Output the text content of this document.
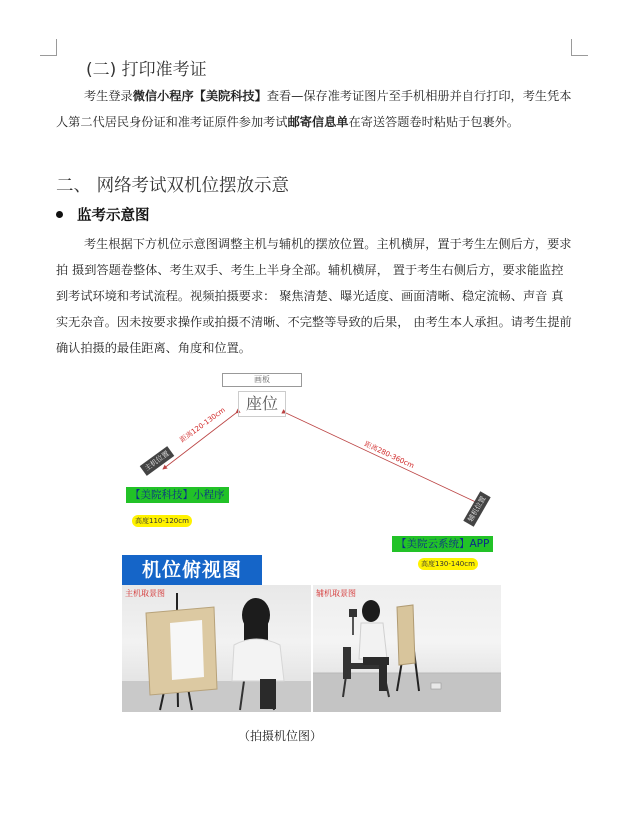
(二) 打印准考证
考生登录微信小程序【美院科技】查看—保存准考证图片至手机相册并自行打印，考生凭本人第二代居民身份证和准考证原件参加考试邮寄信息单在寄送答题卷时粘贴于包裹外。
二、 网络考试双机位摆放示意
监考示意图
考生根据下方机位示意图调整主机与辅机的摆放位置。主机横屏，置于考生左侧后方，要求拍 摄到答题卷整体、考生双手、考生上半身全部。辅机横屏， 置于考生右侧后方，要求能监控到考试环境和考试流程。视频拍摄要求： 聚焦清楚、曝光适度、画面清晰、稳定流畅、声音 真实无杂音。因未按要求操作或拍摄不清晰、不完整等导致的后果， 由考生本人承担。请考生提前确认拍摄的最佳距离、角度和位置。
画板
座位
距离120-130cm
距离280-360cm
主机位置
辅机位置
【美院科技】小程序
高度110-120cm
【美院云系统】APP
高度130-140cm
机位俯视图
主机取景图	辅机取景图
（拍摄机位图）
